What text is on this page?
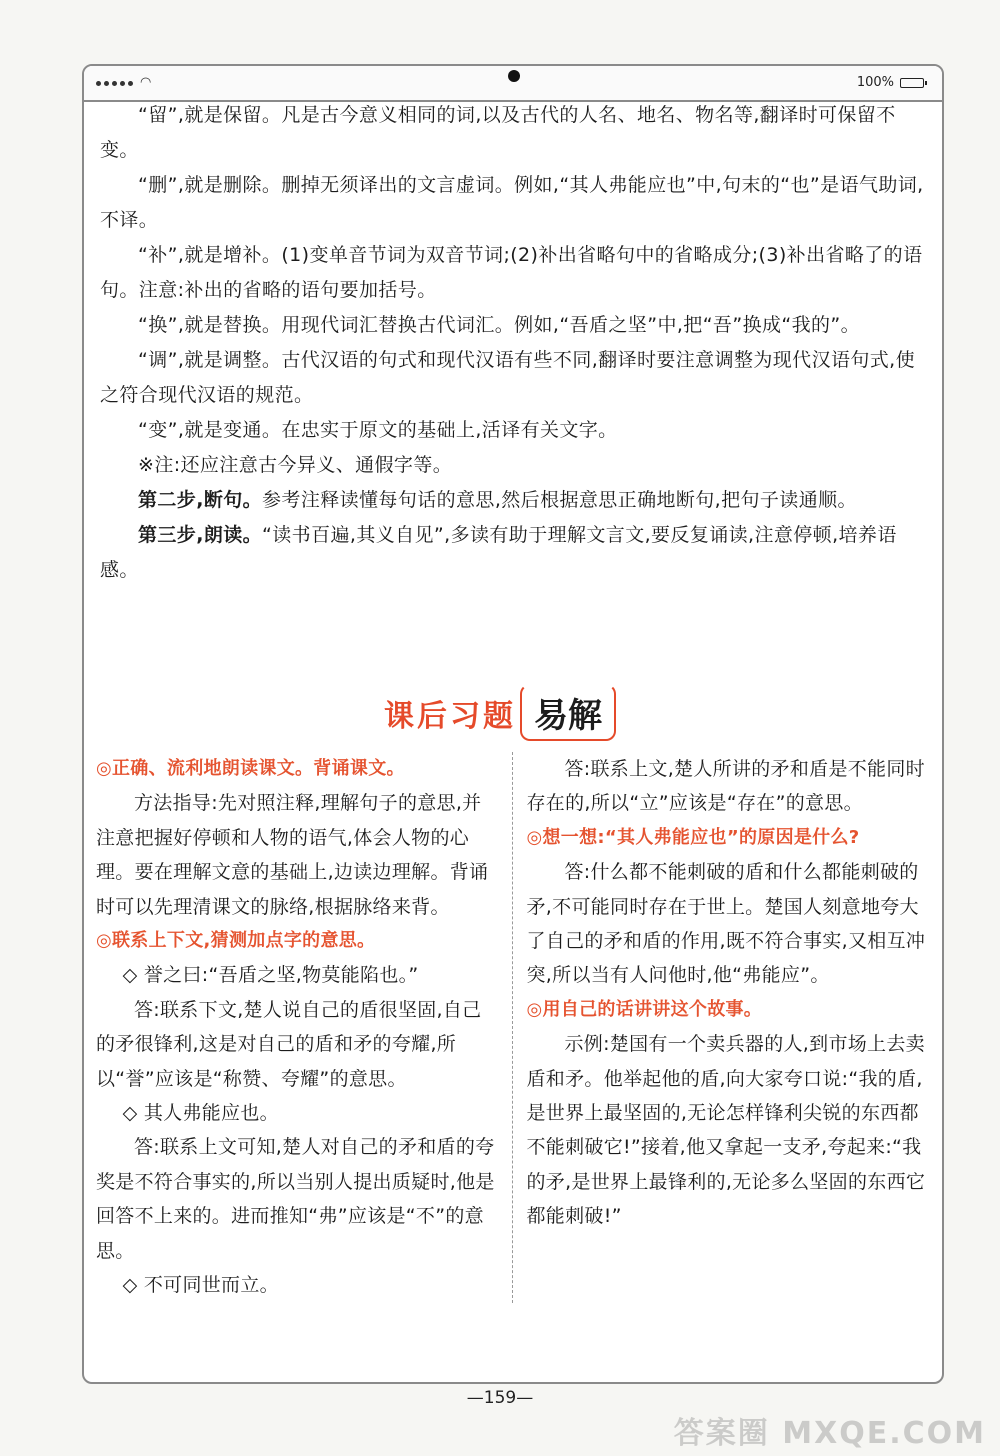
◠	100%

“留”,就是保留。凡是古今意义相同的词,以及古代的人名、地名、物名等,翻译时可保留不变。

“删”,就是删除。删掉无须译出的文言虚词。例如,“其人弗能应也”中,句末的“也”是语气助词,不译。

“补”,就是增补。(1)变单音节词为双音节词;(2)补出省略句中的省略成分;(3)补出省略了的语句。注意:补出的省略的语句要加括号。

“换”,就是替换。用现代词汇替换古代词汇。例如,“吾盾之坚”中,把“吾”换成“我的”。

“调”,就是调整。古代汉语的句式和现代汉语有些不同,翻译时要注意调整为现代汉语句式,使之符合现代汉语的规范。

“变”,就是变通。在忠实于原文的基础上,活译有关文字。

※注:还应注意古今异义、通假字等。

第二步,断句。参考注释读懂每句话的意思,然后根据意思正确地断句,把句子读通顺。

第三步,朗读。“读书百遍,其义自见”,多读有助于理解文言文,要反复诵读,注意停顿,培养语感。

课后习题 易解

◎正确、流利地朗读课文。背诵课文。

方法指导:先对照注释,理解句子的意思,并注意把握好停顿和人物的语气,体会人物的心理。要在理解文意的基础上,边读边理解。背诵时可以先理清课文的脉络,根据脉络来背。

◎联系上下文,猜测加点字的意思。

◇ 誉之曰:“吾盾之坚,物莫能陷也。”

答:联系下文,楚人说自己的盾很坚固,自己的矛很锋利,这是对自己的盾和矛的夸耀,所以“誉”应该是“称赞、夸耀”的意思。

◇ 其人弗能应也。

答:联系上文可知,楚人对自己的矛和盾的夸奖是不符合事实的,所以当别人提出质疑时,他是回答不上来的。进而推知“弗”应该是“不”的意思。

◇ 不可同世而立。

答:联系上文,楚人所讲的矛和盾是不能同时存在的,所以“立”应该是“存在”的意思。

◎想一想:“其人弗能应也”的原因是什么?

答:什么都不能刺破的盾和什么都能刺破的矛,不可能同时存在于世上。楚国人刻意地夸大了自己的矛和盾的作用,既不符合事实,又相互冲突,所以当有人问他时,他“弗能应”。

◎用自己的话讲讲这个故事。

示例:楚国有一个卖兵器的人,到市场上去卖盾和矛。他举起他的盾,向大家夸口说:“我的盾,是世界上最坚固的,无论怎样锋利尖锐的东西都不能刺破它!”接着,他又拿起一支矛,夸起来:“我的矛,是世界上最锋利的,无论多么坚固的东西它都能刺破!”

—159—
答案圈 MXQE.COM
